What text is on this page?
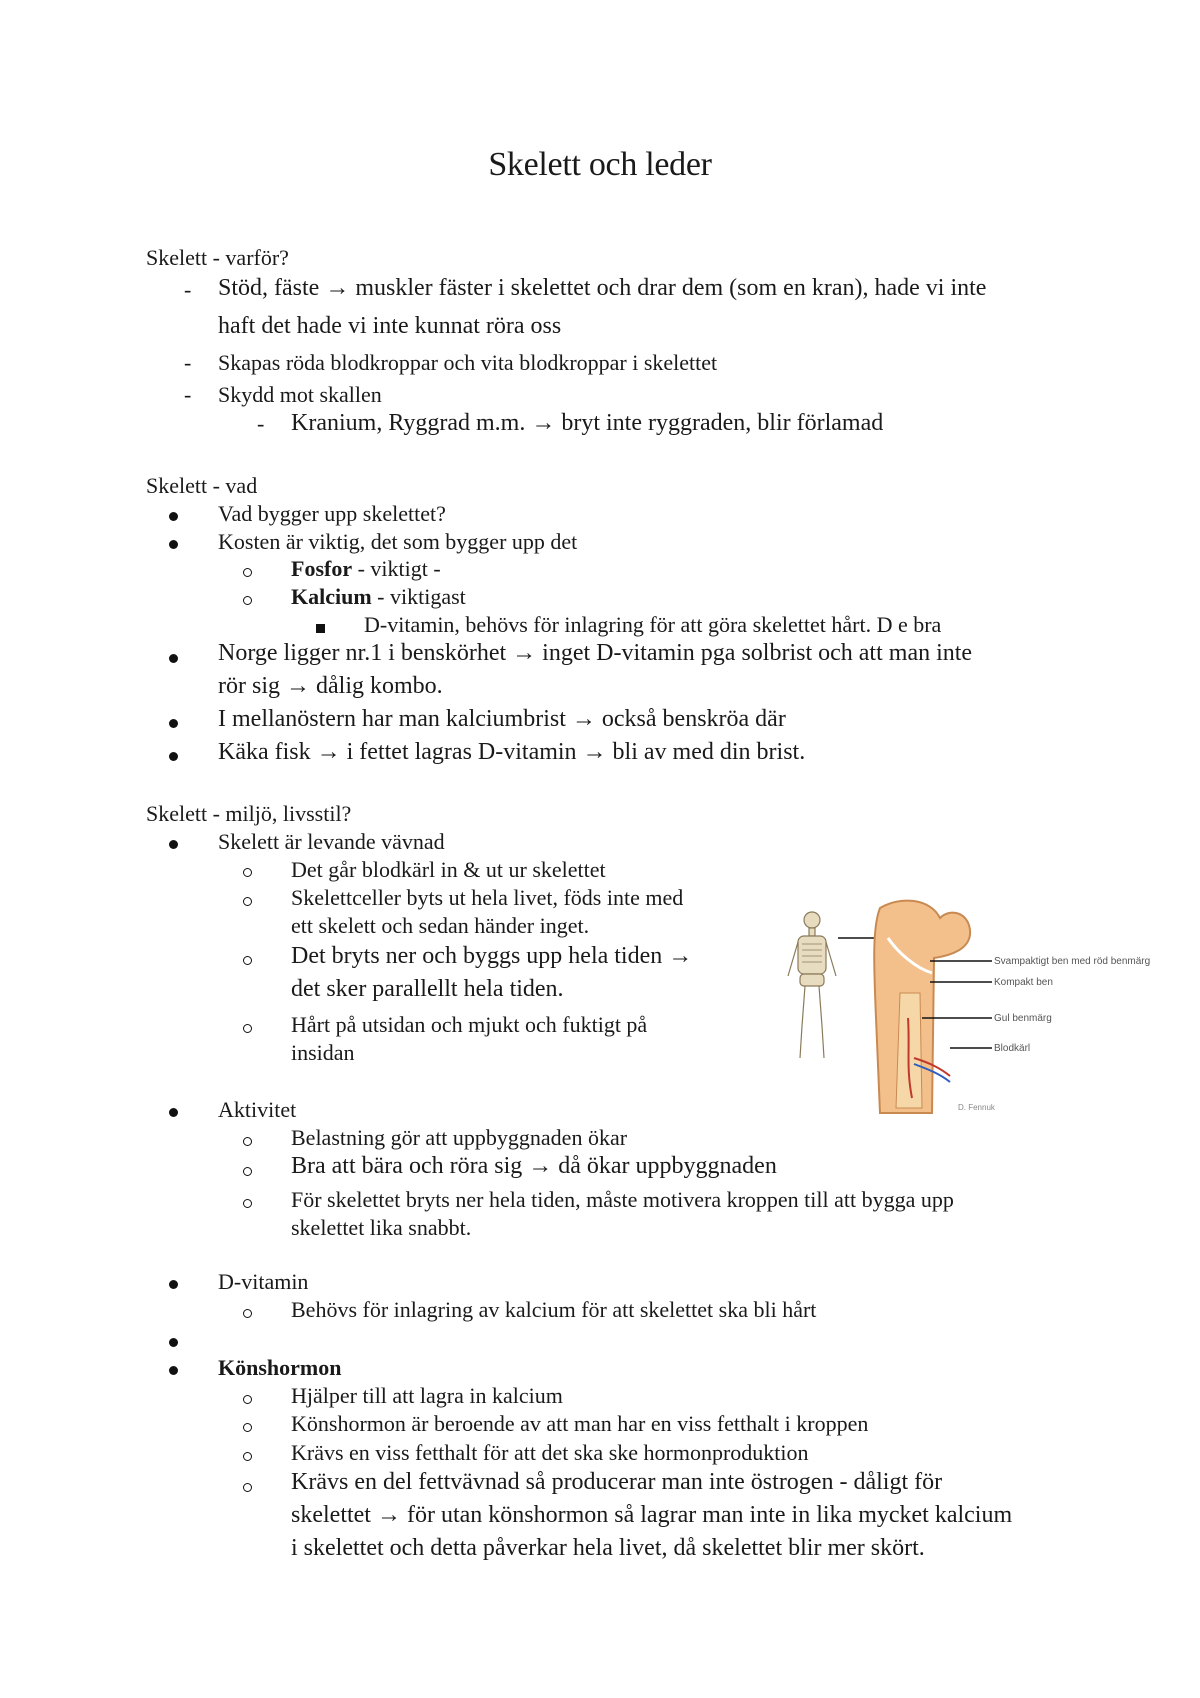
Skelett och leder
Skelett - varför?
- Stöd, fäste → muskler fäster i skelettet och drar dem (som en kran), hade vi inte
haft det hade vi inte kunnat röra oss
- Skapas röda blodkroppar och vita blodkroppar i skelettet
- Skydd mot skallen
- Kranium, Ryggrad m.m. → bryt inte ryggraden, blir förlamad
Skelett - vad
Vad bygger upp skelettet?
Kosten är viktig, det som bygger upp det
Fosfor - viktigt -
Kalcium - viktigast
D-vitamin, behövs för inlagring för att göra skelettet hårt. D e bra
Norge ligger nr.1 i benskörhet → inget D-vitamin pga solbrist och att man inte
rör sig → dålig kombo.
I mellanöstern har man kalciumbrist → också benskröa där
Käka fisk → i fettet lagras D-vitamin → bli av med din brist.
Skelett - miljö, livsstil?
Skelett är levande vävnad
Det går blodkärl in & ut ur skelettet
Skelettceller byts ut hela livet, föds inte med
ett skelett och sedan händer inget.
Det bryts ner och byggs upp hela tiden →
det sker parallellt hela tiden.
Hårt på utsidan och mjukt och fuktigt på
insidan
Aktivitet
Belastning gör att uppbyggnaden ökar
Bra att bära och röra sig → då ökar uppbyggnaden
För skelettet bryts ner hela tiden, måste motivera kroppen till att bygga upp
skelettet lika snabbt.
D-vitamin
Behövs för inlagring av kalcium för att skelettet ska bli hårt
Könshormon
Hjälper till att lagra in kalcium
Könshormon är beroende av att man har en viss fetthalt i kroppen
Krävs en viss fetthalt för att det ska ske hormonproduktion
Krävs en del fettvävnad så producerar man inte östrogen - dåligt för
skelettet → för utan könshormon så lagrar man inte in lika mycket kalcium
i skelettet och detta påverkar hela livet, då skelettet blir mer skört.
Svampaktigt ben med röd benmärg
Kompakt ben
Gul benmärg
Blodkärl
D. Fennuk
